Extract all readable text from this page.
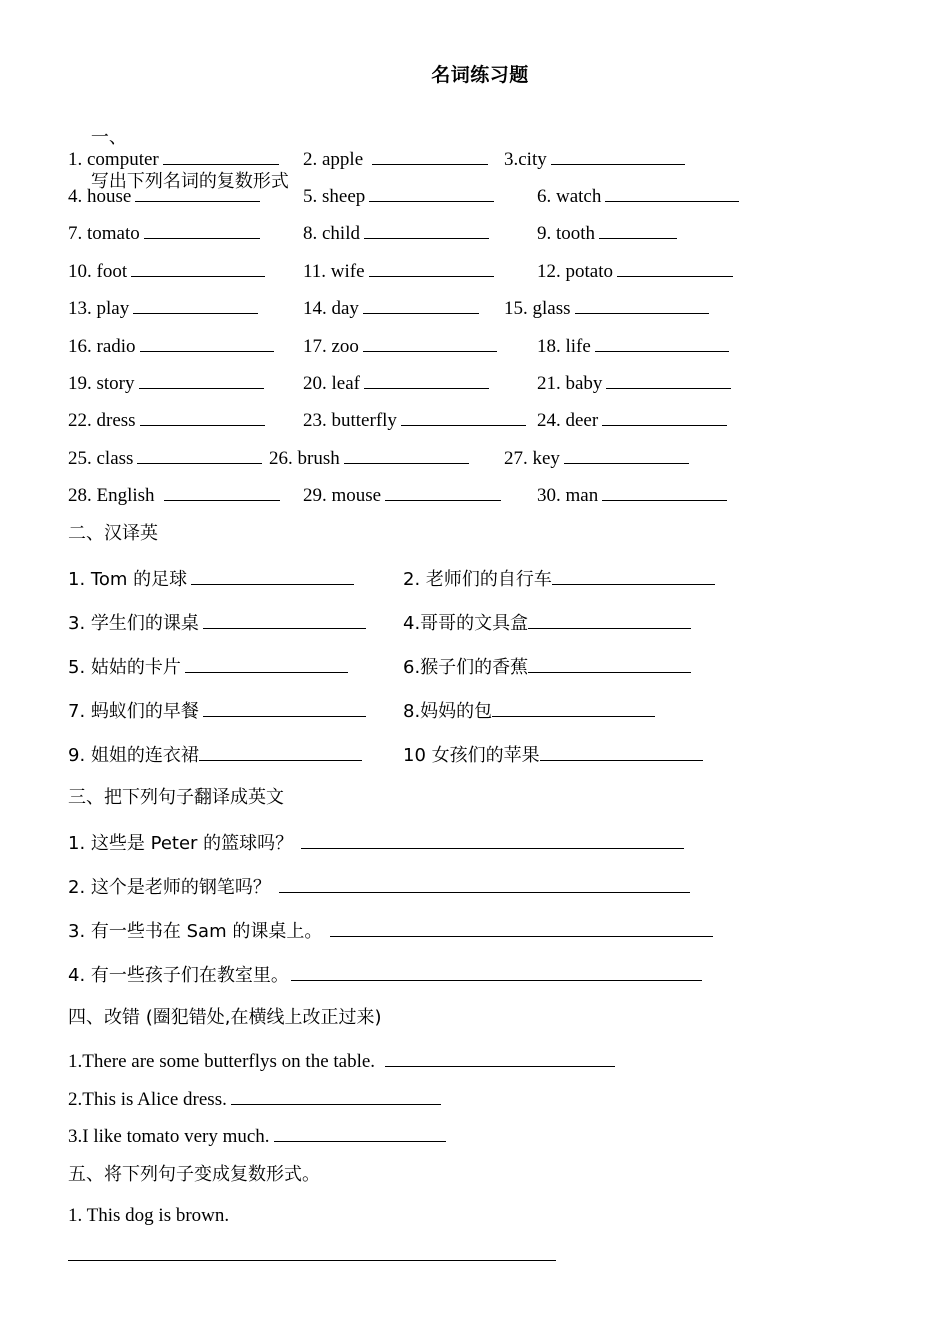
名词练习题

一、

写出下列名词的复数形式

1. computer	2. apple	3.city
4. house	5. sheep	6. watch
7. tomato	8. child	9. tooth
10. foot	11. wife	12. potato
13. play	14. day	15. glass
16. radio	17. zoo	18. life
19. story	20. leaf	21. baby
22. dress	23. butterfly	24. deer
25. class	26. brush	27. key
28. English	29. mouse	30. man
二、汉译英
1. Tom 的足球	2. 老师们的自行车
3. 学生们的课桌	4.哥哥的文具盒
5. 姑姑的卡片	6.猴子们的香蕉
7. 蚂蚁们的早餐	8.妈妈的包
9. 姐姐的连衣裙	10 女孩们的苹果
三、把下列句子翻译成英文
1. 这些是 Peter 的篮球吗？
2. 这个是老师的钢笔吗？
3. 有一些书在 Sam 的课桌上。
4. 有一些孩子们在教室里。
四、改错 (圈犯错处,在横线上改正过来)
1.There are some butterflys on the table.
2.This is Alice dress.
3.I like tomato very much.
五、将下列句子变成复数形式。
1. This dog is brown.
